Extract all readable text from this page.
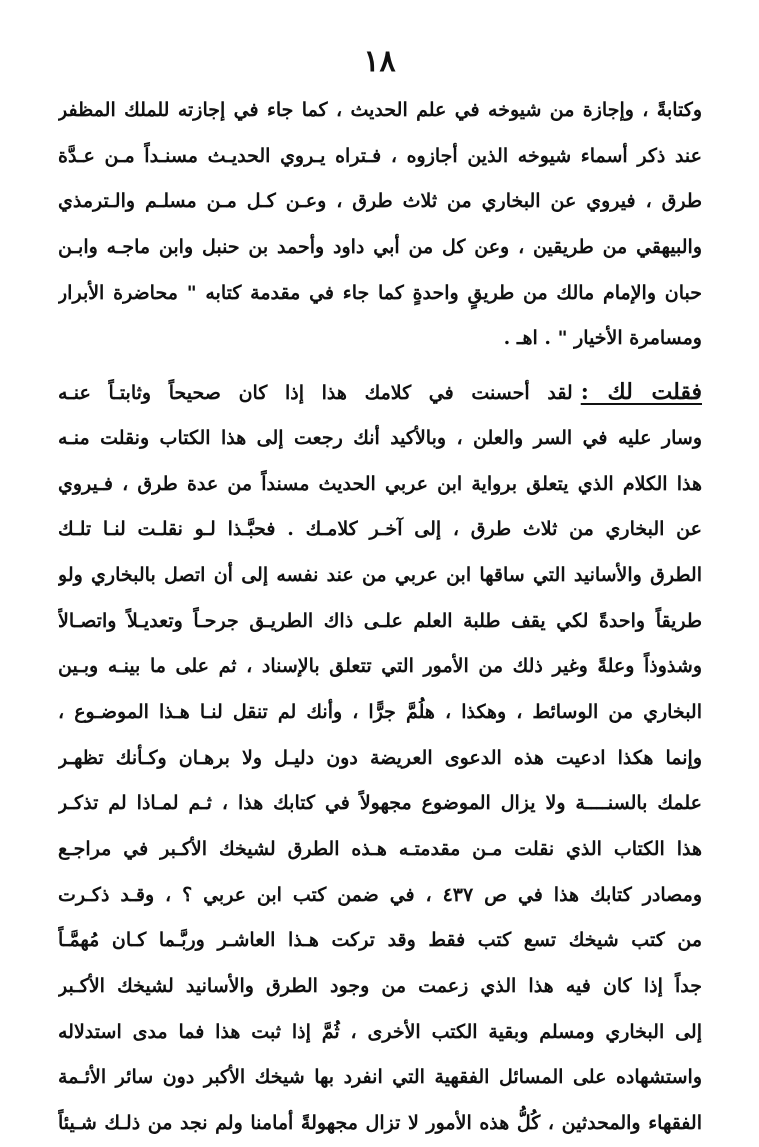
١٨
وكتابةً ، وإجازة من شيوخه في علم الحديث ، كما جاء في إجازته للملك المظفر
عند ذكر أسماء شيوخه الذين أجازوه ، فـتراه يـروي الحديـث مسنـداً مـن عـدَّة
طرق ، فيروي عن البخاري من ثلاث طرق ، وعـن كـل مـن مسلـم والـترمذي
والبيهقي من طريقين ، وعن كل من أبي داود وأحمد بن حنبل وابن ماجـه وابـن
حبان والإمام مالك من طريقٍ واحدةٍ كما جاء في مقدمة كتابه " محاضرة الأبرار
ومسامرة الأخيار " . اهـ .
فقلت لك :لقد أحسنت في كلامك هذا إذا كان صحيحاً وثابتـاً عنـه
وسار عليه في السر والعلن ، وبالأكيد أنك رجعت إلى هذا الكتاب ونقلت منـه
هذا الكلام الذي يتعلق برواية ابن عربي الحديث مسنداً من عدة طرق ، فـيروي
عن البخاري من ثلاث طرق ، إلى آخـر كلامـك . فحبَّـذا لـو نقلـت لنـا تلـك
الطرق والأسانيد التي ساقها ابن عربي من عند نفسه إلى أن اتصل بالبخاري ولو
طريقاً واحدةً لكي يقف طلبة العلم علـى ذاك الطريـق جرحـاً وتعديـلاً واتصـالاً
وشذوذاً وعلةً وغير ذلك من الأمور التي تتعلق بالإسناد ، ثم على ما بينـه وبـين
البخاري من الوسائط ، وهكذا ، هلُمَّ جرًّا ، وأنك لم تنقل لنـا هـذا الموضـوع ،
وإنما هكذا ادعيت هذه الدعوى العريضة دون دليـل ولا برهـان وكـأنك تظهـر
علمك بالسنــــة ولا يزال الموضوع مجهولاً في كتابك هذا ، ثـم لمـاذا لم تذكـر
هذا الكتاب الذي نقلت مـن مقدمتـه هـذه الطرق لشيخك الأكـبر في مراجـع
ومصادر كتابك هذا في ص ٤٣٧ ، في ضمن كتب ابن عربي ؟ ، وقـد ذكـرت
من كتب شيخك تسع كتب فقط وقد تركت هـذا العاشـر وربَّـما كـان مُهمَّـاً
جداً إذا كان فيه هذا الذي زعمت من وجود الطرق والأسانيد لشيخك الأكـبر
إلى البخاري ومسلم وبقية الكتب الأخرى ، ثُمَّ إذا ثبت هذا فما مدى استدلاله
واستشهاده على المسائل الفقهية التي انفرد بها شيخك الأكبر دون سائر الأئـمة
الفقهاء والمحدثين ، كُلُّ هذه الأمور لا تزال مجهولةً أمامنا ولم نجد من ذلـك شـيئاً
